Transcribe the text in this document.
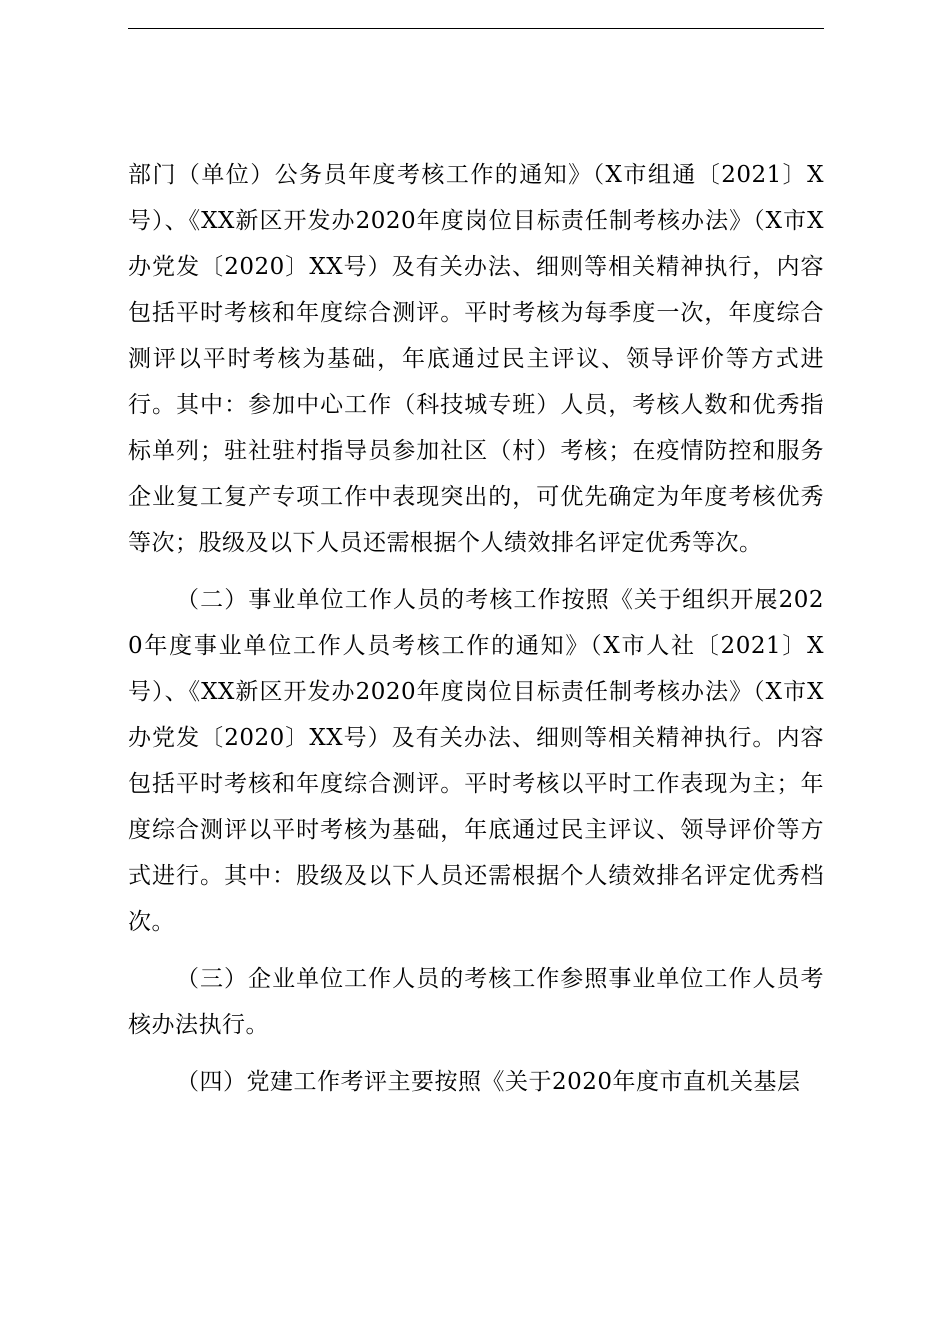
部门（单位）公务员年度考核工作的通知》（X市组通〔2021〕X号）、《XX新区开发办2020年度岗位目标责任制考核办法》（X市X办党发〔2020〕XX号）及有关办法、细则等相关精神执行，内容包括平时考核和年度综合测评。平时考核为每季度一次，年度综合测评以平时考核为基础，年底通过民主评议、领导评价等方式进行。其中：参加中心工作（科技城专班）人员，考核人数和优秀指标单列；驻社驻村指导员参加社区（村）考核；在疫情防控和服务企业复工复产专项工作中表现突出的，可优先确定为年度考核优秀等次；股级及以下人员还需根据个人绩效排名评定优秀等次。

（二）事业单位工作人员的考核工作按照《关于组织开展2020年度事业单位工作人员考核工作的通知》（X市人社〔2021〕X号）、《XX新区开发办2020年度岗位目标责任制考核办法》（X市X办党发〔2020〕XX号）及有关办法、细则等相关精神执行。内容包括平时考核和年度综合测评。平时考核以平时工作表现为主；年度综合测评以平时考核为基础，年底通过民主评议、领导评价等方式进行。其中：股级及以下人员还需根据个人绩效排名评定优秀档次。

（三）企业单位工作人员的考核工作参照事业单位工作人员考核办法执行。

（四）党建工作考评主要按照《关于2020年度市直机关基层
